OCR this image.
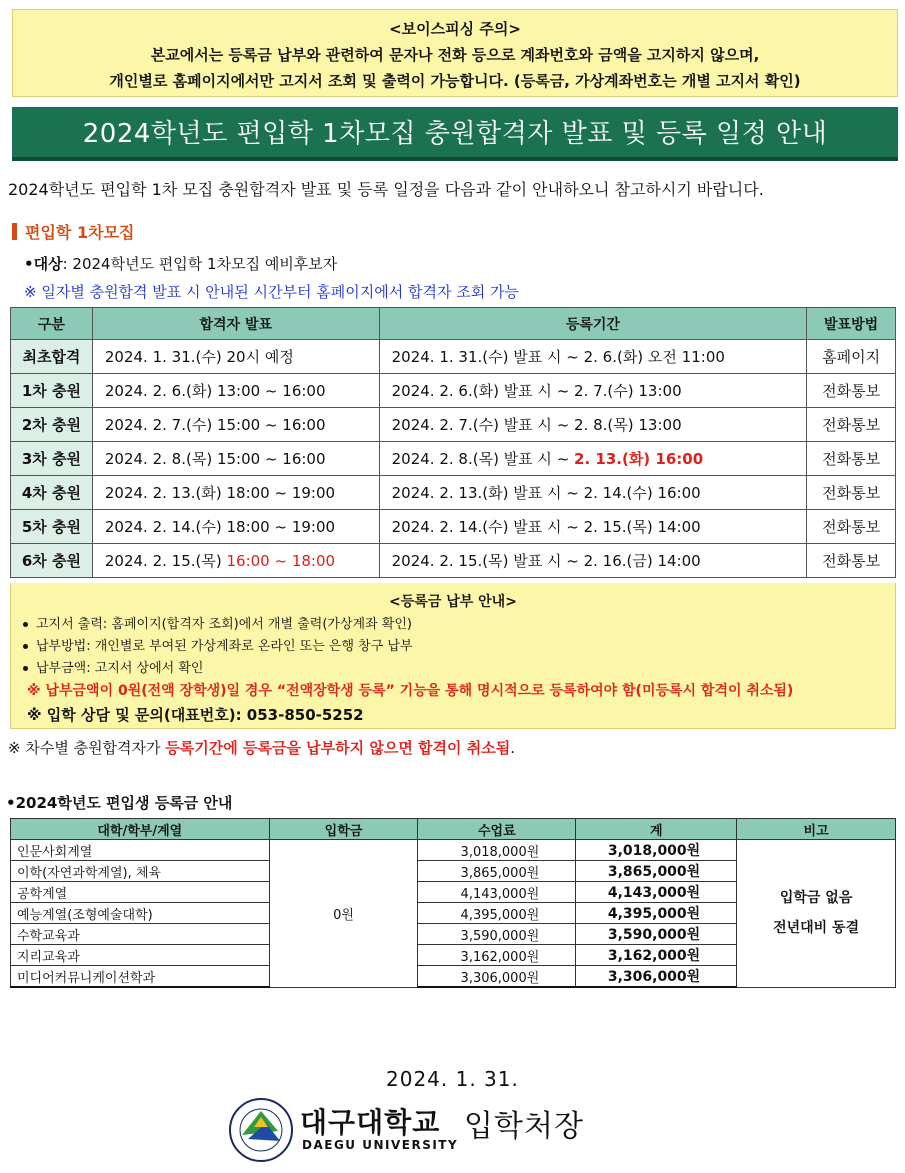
<보이스피싱 주의>
본교에서는 등록금 납부와 관련하여 문자나 전화 등으로 계좌번호와 금액을 고지하지 않으며,
개인별로 홈페이지에서만 고지서 조회 및 출력이 가능합니다. (등록금, 가상계좌번호는 개별 고지서 확인)
2024학년도 편입학 1차모집 충원합격자 발표 및 등록 일정 안내
2024학년도 편입학 1차 모집 충원합격자 발표 및 등록 일정을 다음과 같이 안내하오니 참고하시기 바랍니다.
편입학 1차모집
•대상: 2024학년도 편입학 1차모집 예비후보자
※ 일자별 충원합격 발표 시 안내된 시간부터 홈페이지에서 합격자 조회 가능
구분	합격자 발표	등록기간	발표방법
최초합격	2024. 1. 31.(수) 20시 예정	2024. 1. 31.(수) 발표 시 ~ 2. 6.(화) 오전 11:00	홈페이지
1차 충원	2024. 2. 6.(화) 13:00 ~ 16:00	2024. 2. 6.(화) 발표 시 ~ 2. 7.(수) 13:00	전화통보
2차 충원	2024. 2. 7.(수) 15:00 ~ 16:00	2024. 2. 7.(수) 발표 시 ~ 2. 8.(목) 13:00	전화통보
3차 충원	2024. 2. 8.(목) 15:00 ~ 16:00	2024. 2. 8.(목) 발표 시 ~ 2. 13.(화) 16:00	전화통보
4차 충원	2024. 2. 13.(화) 18:00 ~ 19:00	2024. 2. 13.(화) 발표 시 ~ 2. 14.(수) 16:00	전화통보
5차 충원	2024. 2. 14.(수) 18:00 ~ 19:00	2024. 2. 14.(수) 발표 시 ~ 2. 15.(목) 14:00	전화통보
6차 충원	2024. 2. 15.(목) 16:00 ~ 18:00	2024. 2. 15.(목) 발표 시 ~ 2. 16.(금) 14:00	전화통보
<등록금 납부 안내>
고지서 출력: 홈페이지(합격자 조회)에서 개별 출력(가상계좌 확인)
납부방법: 개인별로 부여된 가상계좌로 온라인 또는 은행 창구 납부
납부금액: 고지서 상에서 확인
※ 납부금액이 0원(전액 장학생)일 경우 “전액장학생 등록” 기능을 통해 명시적으로 등록하여야 함(미등록시 합격이 취소됨)
※ 입학 상담 및 문의(대표번호): 053-850-5252
※ 차수별 충원합격자가 등록기간에 등록금을 납부하지 않으면 합격이 취소됨.
•2024학년도 편입생 등록금 안내
대학/학부/계열	입학금	수업료	계	비고
인문사회계열	0원	3,018,000원	3,018,000원	입학금 없음
전년대비 동결

이학(자연과학계열), 체육		3,865,000원	3,865,000원	
공학계열		4,143,000원	4,143,000원	
예능계열(조형예술대학)		4,395,000원	4,395,000원	
수학교육과		3,590,000원	3,590,000원	
지리교육과		3,162,000원	3,162,000원	
미디어커뮤니케이션학과		3,306,000원	3,306,000원	
2024. 1. 31.
대구대학교
DAEGU UNIVERSITY
입학처장
